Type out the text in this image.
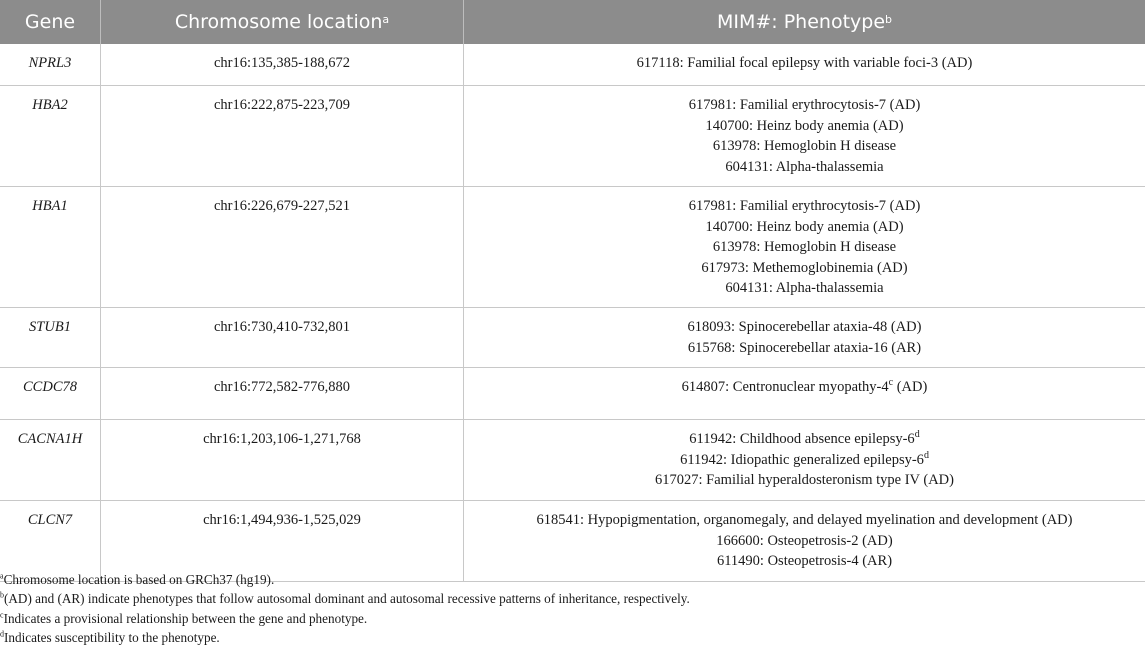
Gene	Chromosome location$^a$	MIM#: Phenotype$^b$
NPRL3	chr16:135,385-188,672	617118: Familial focal epilepsy with variable foci-3 (AD)
HBA2	chr16:222,875-223,709	617981: Familial erythrocytosis-7 (AD)
140700: Heinz body anemia (AD)
613978: Hemoglobin H disease
604131: Alpha-thalassemia
HBA1	chr16:226,679-227,521	617981: Familial erythrocytosis-7 (AD)
140700: Heinz body anemia (AD)
613978: Hemoglobin H disease
617973: Methemoglobinemia (AD)
604131: Alpha-thalassemia
STUB1	chr16:730,410-732,801	618093: Spinocerebellar ataxia-48 (AD)
615768: Spinocerebellar ataxia-16 (AR)
CCDC78	chr16:772,582-776,880	614807: Centronuclear myopathy-4$^c$ (AD)
CACNA1H	chr16:1,203,106-1,271,768	611942: Childhood absence epilepsy-6$^d$
611942: Idiopathic generalized epilepsy-6$^d$
617027: Familial hyperaldosteronism type IV (AD)
CLCN7	chr16:1,494,936-1,525,029	618541: Hypopigmentation, organomegaly, and delayed myelination and development (AD)
166600: Osteopetrosis-2 (AD)
611490: Osteopetrosis-4 (AR)
$^a$Chromosome location is based on GRCh37 (hg19).
$^b$(AD) and (AR) indicate phenotypes that follow autosomal dominant and autosomal recessive patterns of inheritance, respectively.
$^c$Indicates a provisional relationship between the gene and phenotype.
$^d$Indicates susceptibility to the phenotype.
